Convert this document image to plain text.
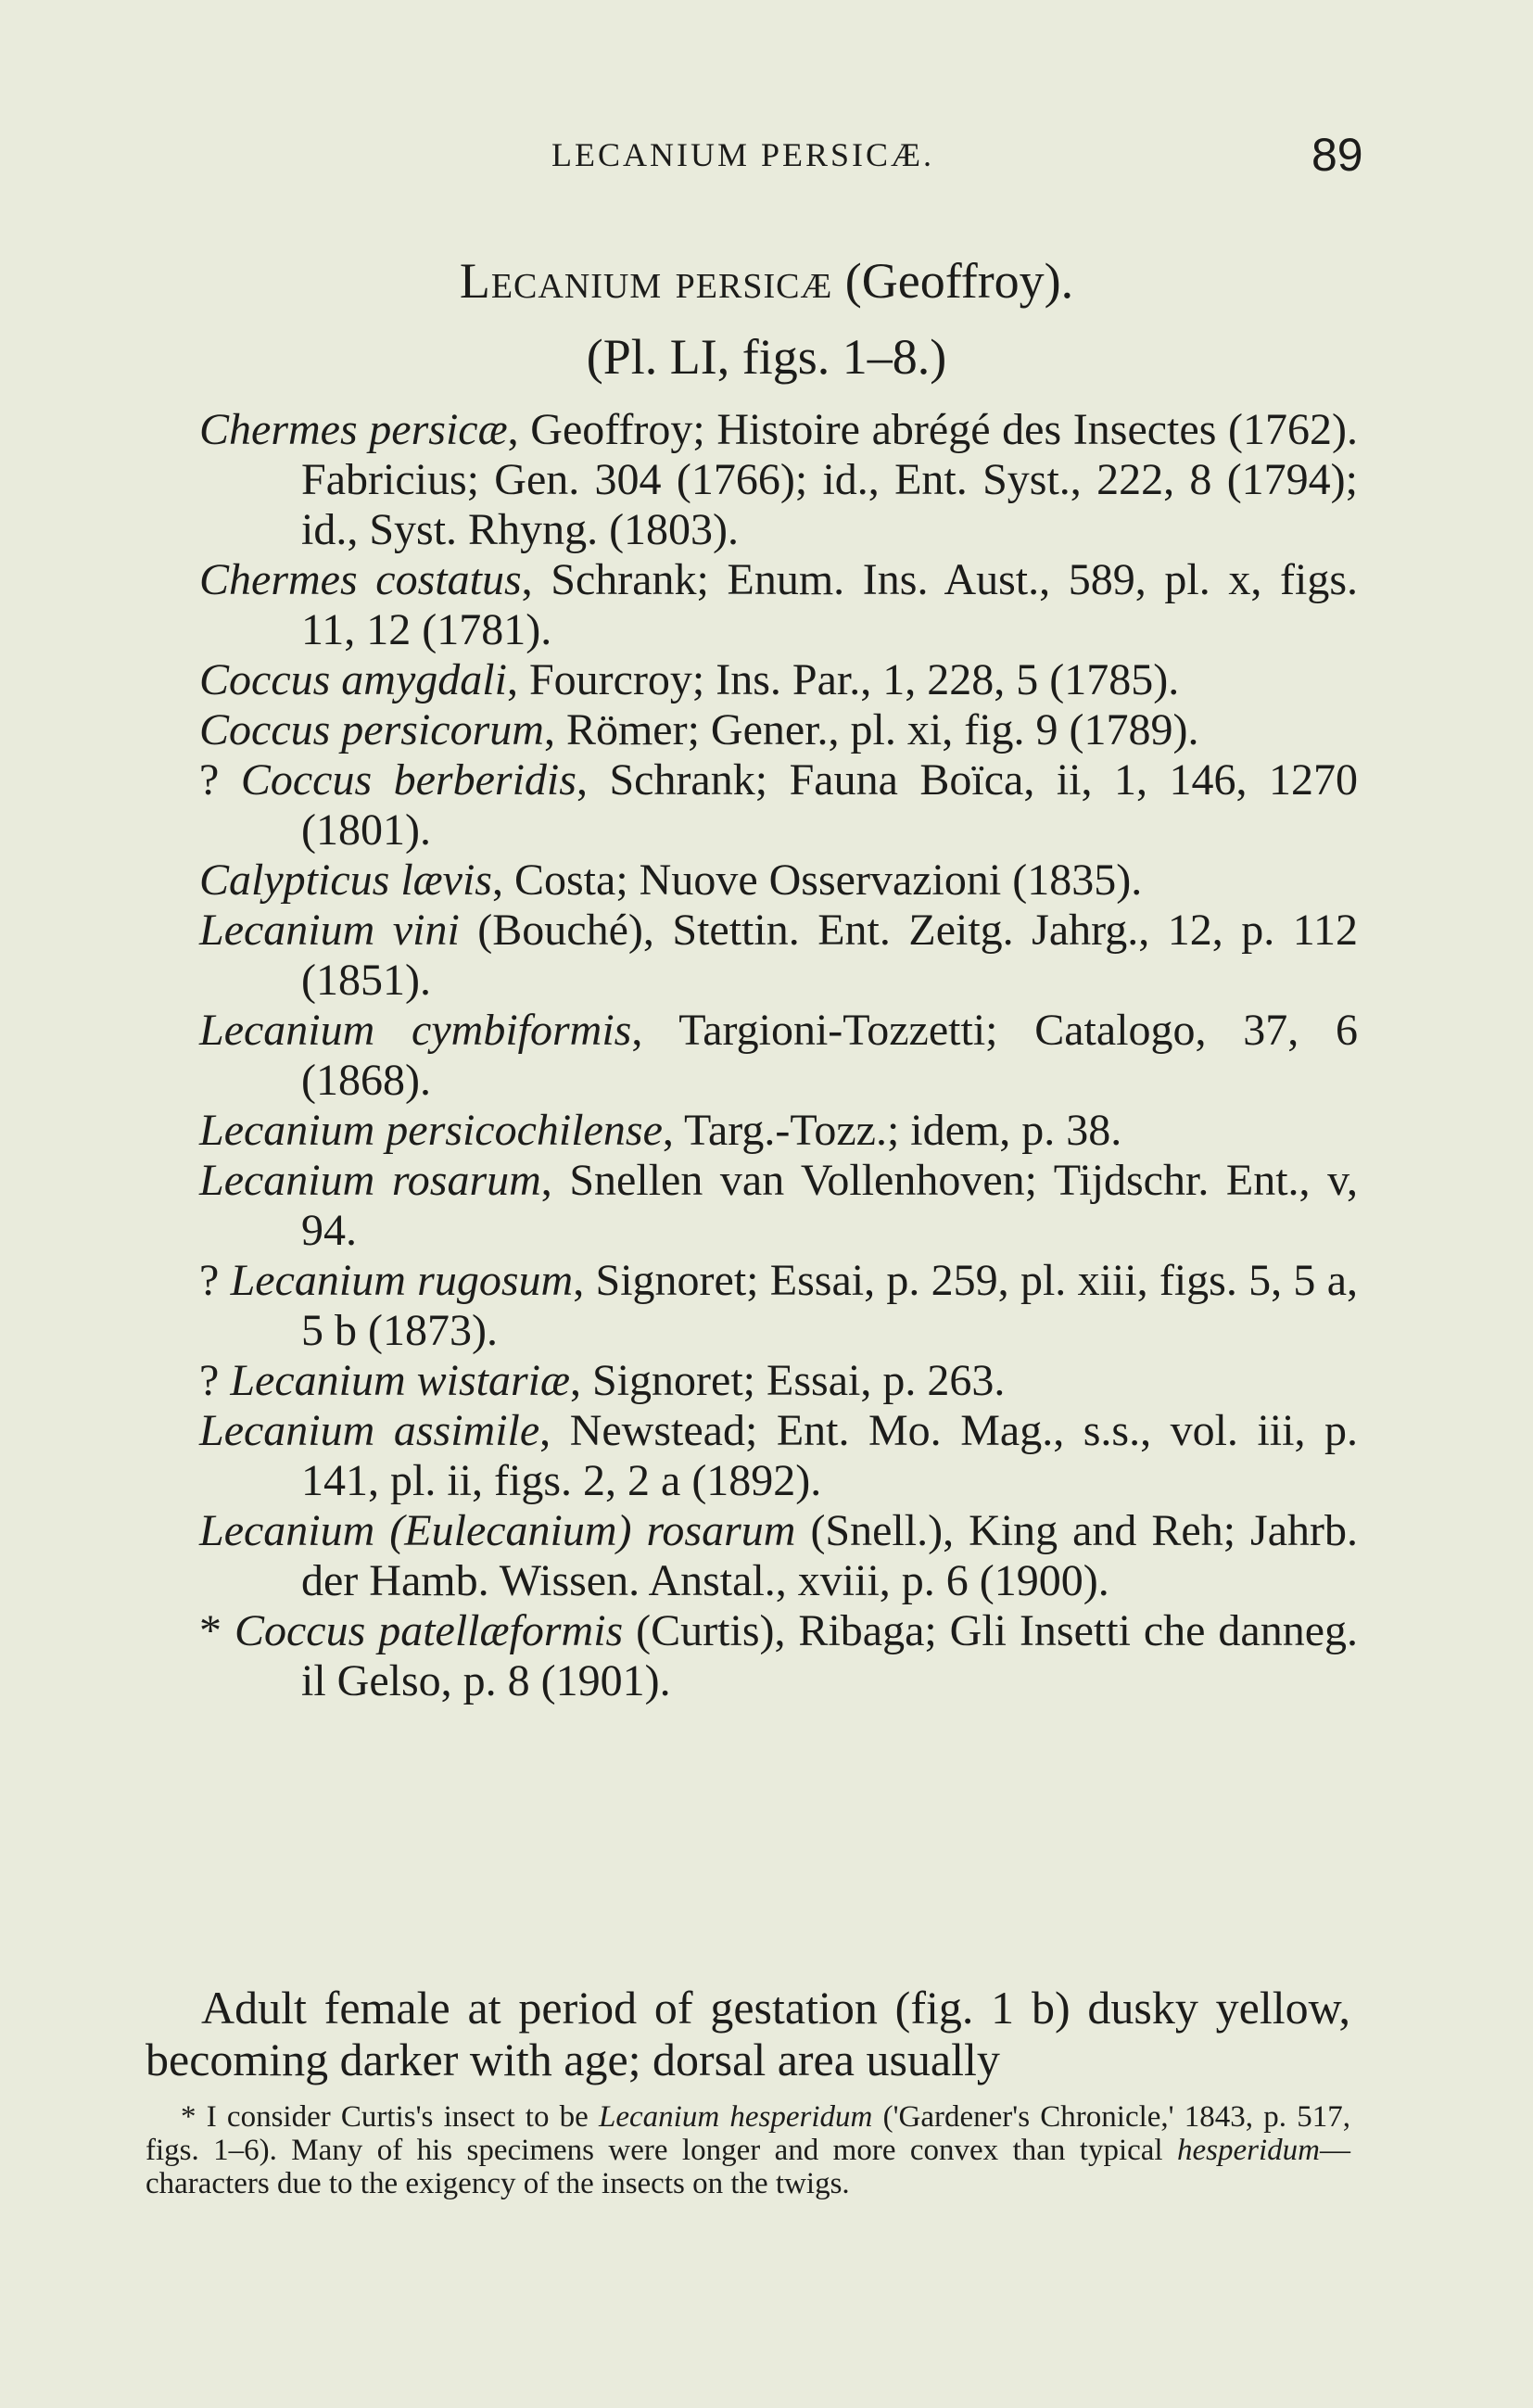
LECANIUM PERSICÆ.	89
Lecanium persicæ (Geoffroy).
(Pl. LI, figs. 1–8.)
Chermes persicæ, Geoffroy; Histoire abrégé des Insectes (1762). Fabricius; Gen. 304 (1766); id., Ent. Syst., 222, 8 (1794); id., Syst. Rhyng. (1803).
Chermes costatus, Schrank; Enum. Ins. Aust., 589, pl. x, figs. 11, 12 (1781).
Coccus amygdali, Fourcroy; Ins. Par., 1, 228, 5 (1785).
Coccus persicorum, Römer; Gener., pl. xi, fig. 9 (1789).
? Coccus berberidis, Schrank; Fauna Boïca, ii, 1, 146, 1270 (1801).
Calypticus lævis, Costa; Nuove Osservazioni (1835).
Lecanium vini (Bouché), Stettin. Ent. Zeitg. Jahrg., 12, p. 112 (1851).
Lecanium cymbiformis, Targioni-Tozzetti; Catalogo, 37, 6 (1868).
Lecanium persicochilense, Targ.-Tozz.; idem, p. 38.
Lecanium rosarum, Snellen van Vollenhoven; Tijdschr. Ent., v, 94.
? Lecanium rugosum, Signoret; Essai, p. 259, pl. xiii, figs. 5, 5 a, 5 b (1873).
? Lecanium wistariæ, Signoret; Essai, p. 263.
Lecanium assimile, Newstead; Ent. Mo. Mag., s.s., vol. iii, p. 141, pl. ii, figs. 2, 2 a (1892).
Lecanium (Eulecanium) rosarum (Snell.), King and Reh; Jahrb. der Hamb. Wissen. Anstal., xviii, p. 6 (1900).
* Coccus patellæformis (Curtis), Ribaga; Gli Insetti che danneg. il Gelso, p. 8 (1901).

Adult female at period of gestation (fig. 1 b) dusky yellow, becoming darker with age; dorsal area usually

* I consider Curtis's insect to be Lecanium hesperidum ('Gardener's Chronicle,' 1843, p. 517, figs. 1–6). Many of his specimens were longer and more convex than typical hesperidum—characters due to the exigency of the insects on the twigs.
